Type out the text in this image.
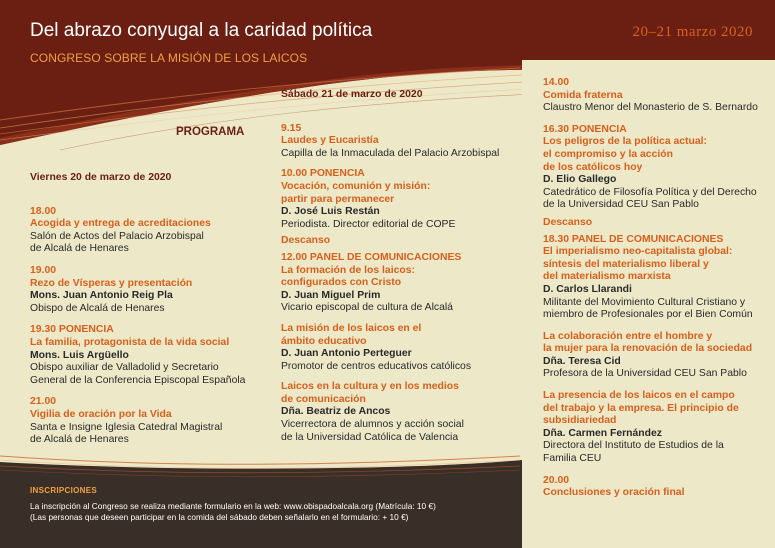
Del abrazo conyugal a la caridad política
CONGRESO SOBRE LA MISIÓN DE LOS LAICOS
20–21 marzo 2020
PROGRAMA
Viernes 20 de marzo de 2020
18.00
Acogida y entrega de acreditaciones
Salón de Actos del Palacio Arzobispal
de Alcalá de Henares
19.00
Rezo de Vísperas y presentación
Mons. Juan Antonio Reig Pla
Obispo de Alcalá de Henares
19.30 PONENCIA
La familia, protagonista de la vida social
Mons. Luis Argüello
Obispo auxiliar de Valladolid y Secretario
General de la Conferencia Episcopal Española
21.00
Vigilia de oración por la Vida
Santa e Insigne Iglesia Catedral Magistral
de Alcalá de Henares
Sábado 21 de marzo de 2020
9.15
Laudes y Eucaristía
Capilla de la Inmaculada del Palacio Arzobispal
10.00 PONENCIA
Vocación, comunión y misión:
partir para permanecer
D. José Luis Restán
Periodista. Director editorial de COPE
Descanso
12.00 PANEL DE COMUNICACIONES
La formación de los laicos:
configurados con Cristo
D. Juan Miguel Prim
Vicario episcopal de cultura de Alcalá
La misión de los laicos en el
ámbito educativo
D. Juan Antonio Perteguer
Promotor de centros educativos católicos
Laicos en la cultura y en los medios
de comunicación
Dña. Beatriz de Ancos
Vicerrectora de alumnos y acción social
de la Universidad Católica de Valencia
14.00
Comida fraterna
Claustro Menor del Monasterio de S. Bernardo
16.30 PONENCIA
Los peligros de la política actual:
el compromiso y la acción
de los católicos hoy
D. Elio Gallego
Catedrático de Filosofía Política y del Derecho
de la Universidad CEU San Pablo
Descanso
18.30 PANEL DE COMUNICACIONES
El imperialismo neo-capitalista global:
síntesis del materialismo liberal y
del materialismo marxista
D. Carlos Llarandi
Militante del Movimiento Cultural Cristiano y
miembro de Profesionales por el Bien Común
La colaboración entre el hombre y
la mujer para la renovación de la sociedad
Dña. Teresa Cid
Profesora de la Universidad CEU San Pablo
La presencia de los laicos en el campo
del trabajo y la empresa. El principio de
subsidiariedad
Dña. Carmen Fernández
Directora del Instituto de Estudios de la
Familia CEU
20.00
Conclusiones y oración final
INSCRIPCIONES
La inscripción al Congreso se realiza mediante formulario en la web: www.obispadoalcala.org (Matrícula: 10 €)
(Las personas que deseen participar en la comida del sábado deben señalarlo en el formulario: + 10 €)
